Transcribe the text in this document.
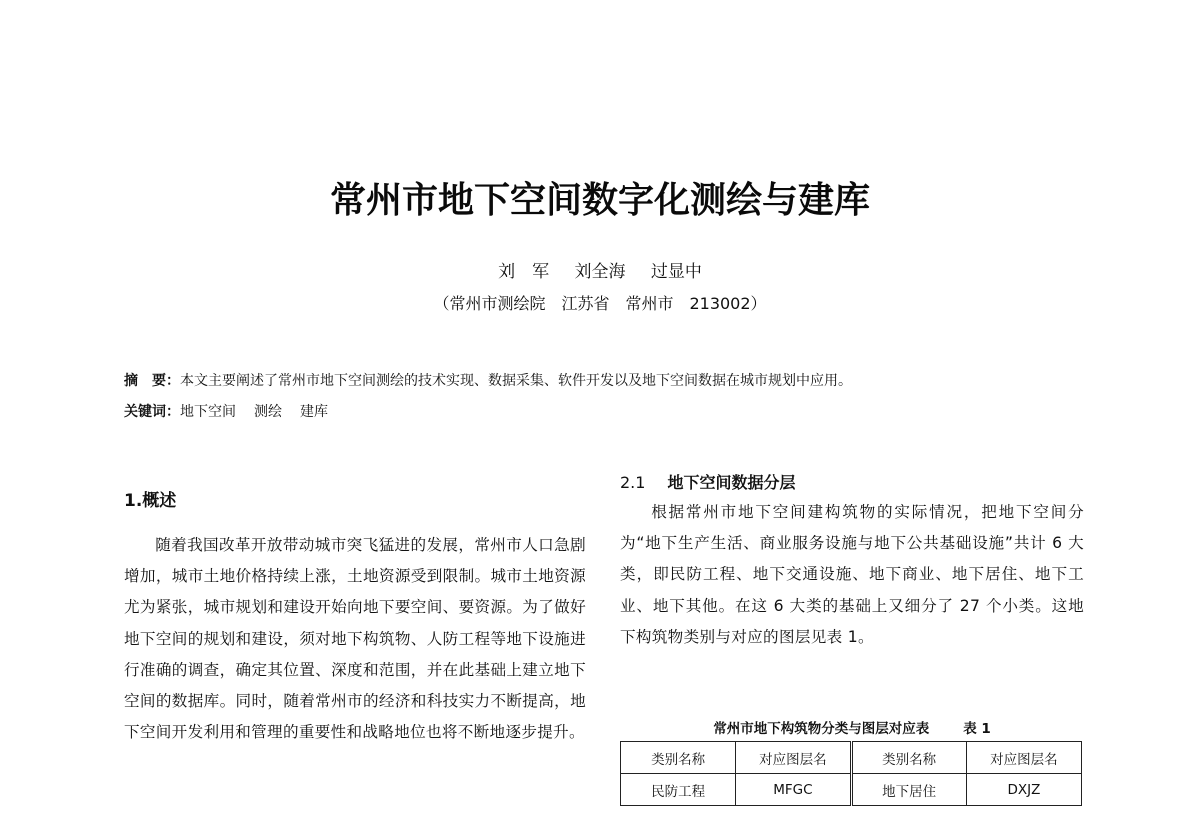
常州市地下空间数字化测绘与建库
刘　军 刘全海 过显中
（常州市测绘院　江苏省　常州市　213002）
摘　要：本文主要阐述了常州市地下空间测绘的技术实现、数据采集、软件开发以及地下空间数据在城市规划中应用。
关键词：地下空间 测绘 建库
1.概述

随着我国改革开放带动城市突飞猛进的发展，常州市人口急剧增加，城市土地价格持续上涨，土地资源受到限制。城市土地资源尤为紧张，城市规划和建设开始向地下要空间、要资源。为了做好地下空间的规划和建设，须对地下构筑物、人防工程等地下设施进行准确的调查，确定其位置、深度和范围，并在此基础上建立地下空间的数据库。同时，随着常州市的经济和科技实力不断提高，地下空间开发利用和管理的重要性和战略地位也将不断地逐步提升。

2.1 地下空间数据分层

根据常州市地下空间建构筑物的实际情况，把地下空间分为“地下生产生活、商业服务设施与地下公共基础设施”共计 6 大类，即民防工程、地下交通设施、地下商业、地下居住、地下工业、地下其他。在这 6 大类的基础上又细分了 27 个小类。这地下构筑物类别与对应的图层见表 1。

常州市地下构筑物分类与图层对应表	表 1
类别名称	对应图层名	类别名称	对应图层名
民防工程	MFGC	地下居住	DXJZ
